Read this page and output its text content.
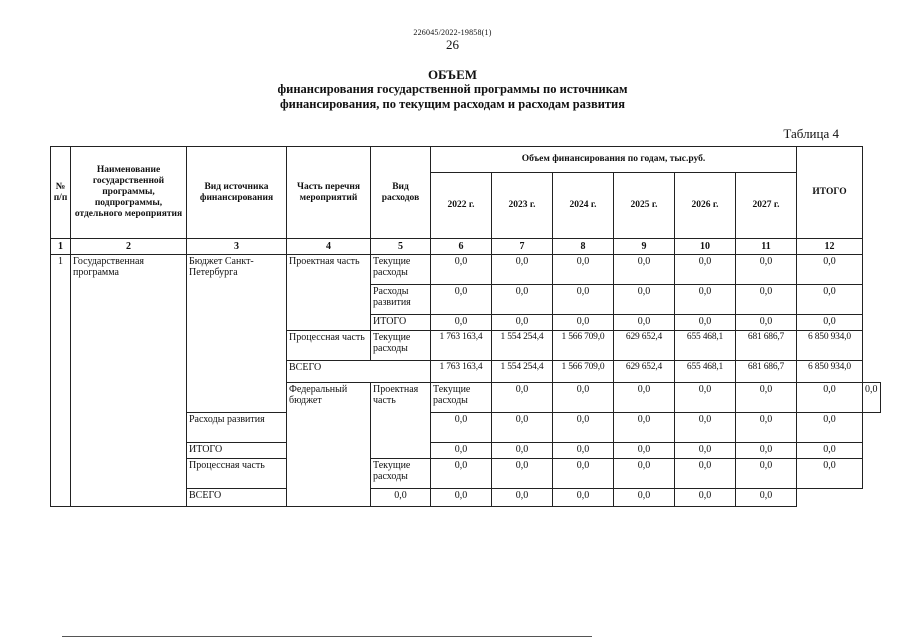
226045/2022-19858(1)
26
ОБЪЕМ
финансирования государственной программы по источникам
финансирования, по текущим расходам и расходам развития
Таблица 4
№ п/п	Наименование государственной программы, подпрограммы, отдельного мероприятия	Вид источника финансирования	Часть перечня мероприятий	Вид расходов	Объем финансирования по годам, тыс.руб.						ИТОГО	
					2022 г.	2023 г.	2024 г.	2025 г.	2026 г.	2027 г.		
1	2	3	4	5	6	7	8	9	10	11	12	
1	Государственная программа	Бюджет Санкт-Петербурга	Проектная часть	Текущие расходы	0,0	0,0	0,0	0,0	0,0	0,0	0,0	
				Расходы развития	0,0	0,0	0,0	0,0	0,0	0,0	0,0	
				ИТОГО	0,0	0,0	0,0	0,0	0,0	0,0	0,0	
			Процессная часть	Текущие расходы	1 763 163,4	1 554 254,4	1 566 709,0	629 652,4	655 468,1	681 686,7	6 850 934,0	
			ВСЕГО		1 763 163,4	1 554 254,4	1 566 709,0	629 652,4	655 468,1	681 686,7	6 850 934,0	
			Федеральный бюджет	Проектная часть	Текущие расходы	0,0	0,0	0,0	0,0	0,0	0,0	0,0
		Расходы развития			0,0	0,0	0,0	0,0	0,0	0,0	0,0	
		ИТОГО			0,0	0,0	0,0	0,0	0,0	0,0	0,0	
		Процессная часть		Текущие расходы	0,0	0,0	0,0	0,0	0,0	0,0	0,0	
		ВСЕГО		0,0	0,0	0,0	0,0	0,0	0,0	0,0		
